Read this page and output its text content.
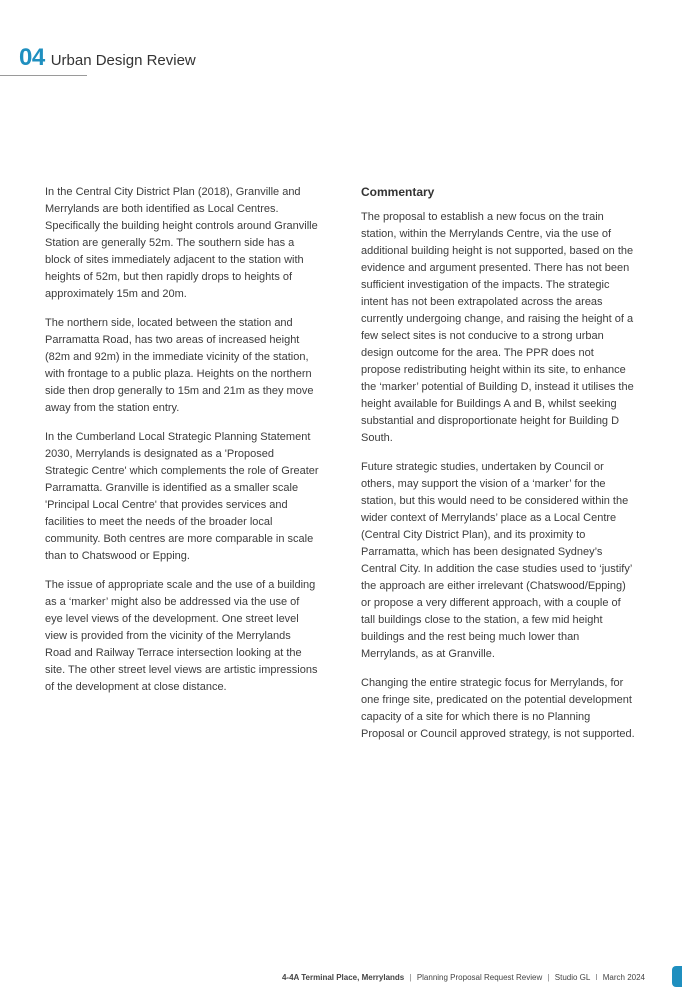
04 Urban Design Review

In the Central City District Plan (2018), Granville and Merrylands are both identified as Local Centres. Specifically the building height controls around Granville Station are generally 52m. The southern side has a block of sites immediately adjacent to the station with heights of 52m, but then rapidly drops to heights of approximately 15m and 20m.

The northern side, located between the station and Parramatta Road, has two areas of increased height (82m and 92m) in the immediate vicinity of the station, with frontage to a public plaza. Heights on the northern side then drop generally to 15m and 21m as they move away from the station entry.

In the Cumberland Local Strategic Planning Statement 2030, Merrylands is designated as a 'Proposed Strategic Centre' which complements the role of Greater Parramatta. Granville is identified as a smaller scale 'Principal Local Centre' that provides services and facilities to meet the needs of the broader local community. Both centres are more comparable in scale than to Chatswood or Epping.

The issue of appropriate scale and the use of a building as a ‘marker’ might also be addressed via the use of eye level views of the development. One street level view is provided from the vicinity of the Merrylands Road and Railway Terrace intersection looking at the site. The other street level views are artistic impressions of the development at close distance.

Commentary

The proposal to establish a new focus on the train station, within the Merrylands Centre, via the use of additional building height is not supported, based on the evidence and argument presented. There has not been sufficient investigation of the impacts. The strategic intent has not been extrapolated across the areas currently undergoing change, and raising the height of a few select sites is not conducive to a strong urban design outcome for the area. The PPR does not propose redistributing height within its site, to enhance the ‘marker’ potential of Building D, instead it utilises the height available for Buildings A and B, whilst seeking substantial and disproportionate height for Building D South.

Future strategic studies, undertaken by Council or others, may support the vision of a ‘marker’ for the station, but this would need to be considered within the wider context of Merrylands’ place as a Local Centre (Central City District Plan), and its proximity to Parramatta, which has been designated Sydney’s Central City. In addition the case studies used to ‘justify’ the approach are either irrelevant (Chatswood/Epping) or propose a very different approach, with a couple of tall buildings close to the station, a few mid height buildings and the rest being much lower than Merrylands, as at Granville.

Changing the entire strategic focus for Merrylands, for one fringe site, predicated on the potential development capacity of a site for which there is no Planning Proposal or Council approved strategy, is not supported.

4-4A Terminal Place, Merrylands | Planning Proposal Request Review | Studio GL I March 2024
